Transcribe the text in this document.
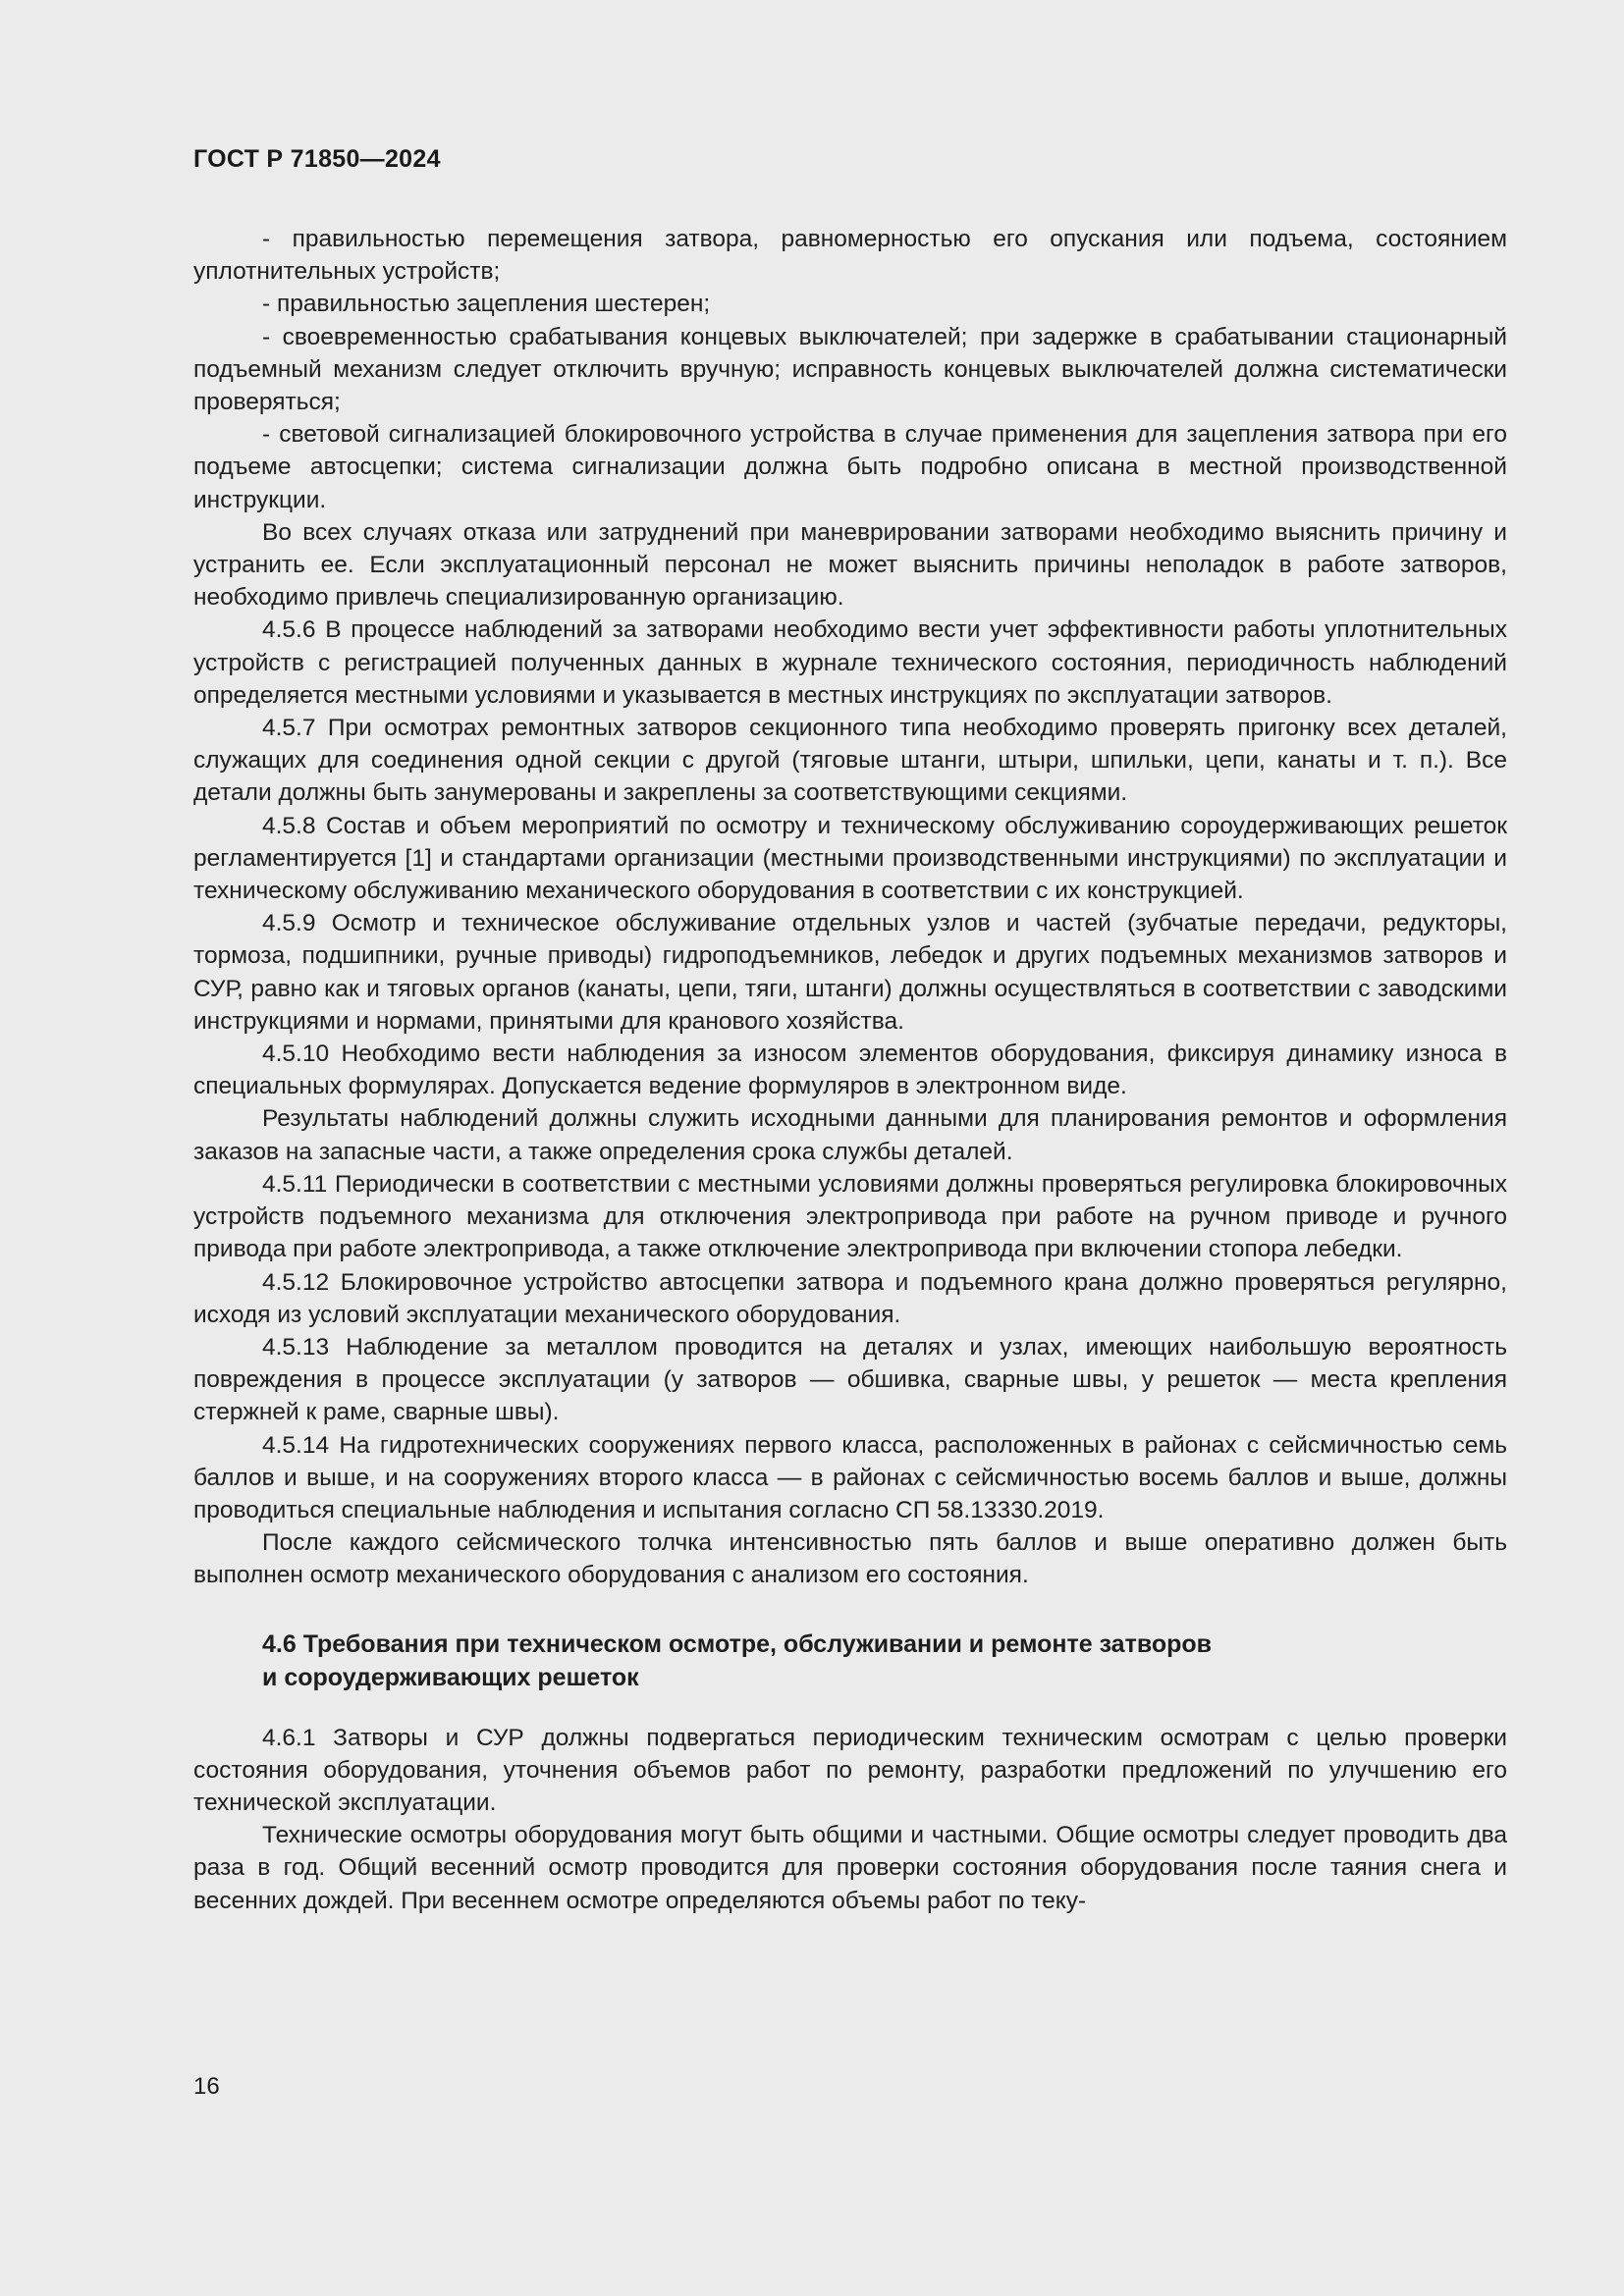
ГОСТ Р 71850—2024

- правильностью перемещения затвора, равномерностью его опускания или подъема, состоянием уплотнительных устройств;

- правильностью зацепления шестерен;

- своевременностью срабатывания концевых выключателей; при задержке в срабатывании стационарный подъемный механизм следует отключить вручную; исправность концевых выключателей должна систематически проверяться;

- световой сигнализацией блокировочного устройства в случае применения для зацепления затвора при его подъеме автосцепки; система сигнализации должна быть подробно описана в местной производственной инструкции.

Во всех случаях отказа или затруднений при маневрировании затворами необходимо выяснить причину и устранить ее. Если эксплуатационный персонал не может выяснить причины неполадок в работе затворов, необходимо привлечь специализированную организацию.

4.5.6 В процессе наблюдений за затворами необходимо вести учет эффективности работы уплотнительных устройств с регистрацией полученных данных в журнале технического состояния, периодичность наблюдений определяется местными условиями и указывается в местных инструкциях по эксплуатации затворов.

4.5.7 При осмотрах ремонтных затворов секционного типа необходимо проверять пригонку всех деталей, служащих для соединения одной секции с другой (тяговые штанги, штыри, шпильки, цепи, канаты и т. п.). Все детали должны быть занумерованы и закреплены за соответствующими секциями.

4.5.8 Состав и объем мероприятий по осмотру и техническому обслуживанию сороудерживающих решеток регламентируется [1] и стандартами организации (местными производственными инструкциями) по эксплуатации и техническому обслуживанию механического оборудования в соответствии с их конструкцией.

4.5.9 Осмотр и техническое обслуживание отдельных узлов и частей (зубчатые передачи, редукторы, тормоза, подшипники, ручные приводы) гидроподъемников, лебедок и других подъемных механизмов затворов и СУР, равно как и тяговых органов (канаты, цепи, тяги, штанги) должны осуществляться в соответствии с заводскими инструкциями и нормами, принятыми для кранового хозяйства.

4.5.10 Необходимо вести наблюдения за износом элементов оборудования, фиксируя динамику износа в специальных формулярах. Допускается ведение формуляров в электронном виде.

Результаты наблюдений должны служить исходными данными для планирования ремонтов и оформления заказов на запасные части, а также определения срока службы деталей.

4.5.11 Периодически в соответствии с местными условиями должны проверяться регулировка блокировочных устройств подъемного механизма для отключения электропривода при работе на ручном приводе и ручного привода при работе электропривода, а также отключение электропривода при включении стопора лебедки.

4.5.12 Блокировочное устройство автосцепки затвора и подъемного крана должно проверяться регулярно, исходя из условий эксплуатации механического оборудования.

4.5.13 Наблюдение за металлом проводится на деталях и узлах, имеющих наибольшую вероятность повреждения в процессе эксплуатации (у затворов — обшивка, сварные швы, у решеток — места крепления стержней к раме, сварные швы).

4.5.14 На гидротехнических сооружениях первого класса, расположенных в районах с сейсмичностью семь баллов и выше, и на сооружениях второго класса — в районах с сейсмичностью восемь баллов и выше, должны проводиться специальные наблюдения и испытания согласно СП 58.13330.2019.

После каждого сейсмического толчка интенсивностью пять баллов и выше оперативно должен быть выполнен осмотр механического оборудования с анализом его состояния.

4.6 Требования при техническом осмотре, обслуживании и ремонте затворов
и сороудерживающих решеток

4.6.1 Затворы и СУР должны подвергаться периодическим техническим осмотрам с целью проверки состояния оборудования, уточнения объемов работ по ремонту, разработки предложений по улучшению его технической эксплуатации.

Технические осмотры оборудования могут быть общими и частными. Общие осмотры следует проводить два раза в год. Общий весенний осмотр проводится для проверки состояния оборудования после таяния снега и весенних дождей. При весеннем осмотре определяются объемы работ по теку-

16
